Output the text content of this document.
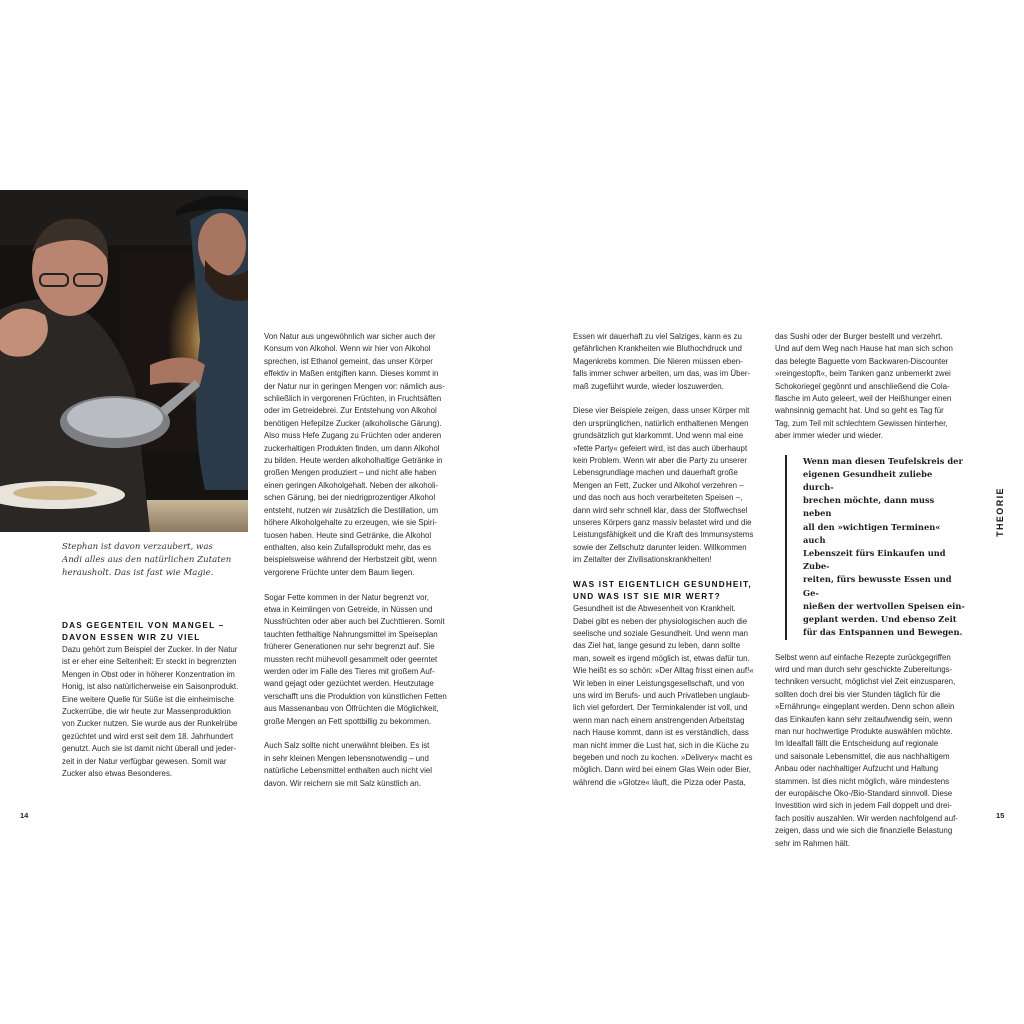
Stephan ist davon verzaubert, was
Andi alles aus den natürlichen Zutaten
herausholt. Das ist fast wie Magie.
DAS GEGENTEIL VON MANGEL –
DAVON ESSEN WIR ZU VIEL

Dazu gehört zum Beispiel der Zucker. In der Natur
ist er eher eine Seltenheit: Er steckt in begrenzten
Mengen in Obst oder in höherer Konzentration im
Honig, ist also natürlicherweise ein Saisonprodukt.
Eine weitere Quelle für Süße ist die einheimische
Zuckerrübe, die wir heute zur Massenproduktion
von Zucker nutzen. Sie wurde aus der Runkelrübe
gezüchtet und wird erst seit dem 18. Jahrhundert
genutzt. Auch sie ist damit nicht überall und jeder-
zeit in der Natur verfügbar gewesen. Somit war
Zucker also etwas Besonderes.

Von Natur aus ungewöhnlich war sicher auch der
Konsum von Alkohol. Wenn wir hier von Alkohol
sprechen, ist Ethanol gemeint, das unser Körper
effektiv in Maßen entgiften kann. Dieses kommt in
der Natur nur in geringen Mengen vor: nämlich aus-
schließlich in vergorenen Früchten, in Fruchtsäften
oder im Getreidebrei. Zur Entstehung von Alkohol
benötigen Hefepilze Zucker (alkoholische Gärung).
Also muss Hefe Zugang zu Früchten oder anderen
zuckerhaltigen Produkten finden, um dann Alkohol
zu bilden. Heute werden alkoholhaltige Getränke in
großen Mengen produziert – und nicht alle haben
einen geringen Alkoholgehalt. Neben der alkoholi-
schen Gärung, bei der niedrigprozentiger Alkohol
entsteht, nutzen wir zusätzlich die Destillation, um
höhere Alkoholgehalte zu erzeugen, wie sie Spiri-
tuosen haben. Heute sind Getränke, die Alkohol
enthalten, also kein Zufallsprodukt mehr, das es
beispielsweise während der Herbstzeit gibt, wenn
vergorene Früchte unter dem Baum liegen.

Sogar Fette kommen in der Natur begrenzt vor,
etwa in Keimlingen von Getreide, in Nüssen und
Nussfrüchten oder aber auch bei Zuchttieren. Somit
tauchten fetthaltige Nahrungsmittel im Speiseplan
früherer Generationen nur sehr begrenzt auf. Sie
mussten recht mühevoll gesammelt oder geerntet
werden oder im Falle des Tieres mit großem Auf-
wand gejagt oder gezüchtet werden. Heutzutage
verschafft uns die Produktion von künstlichen Fetten
aus Massenanbau von Ölfrüchten die Möglichkeit,
große Mengen an Fett spottbillig zu bekommen.

Auch Salz sollte nicht unerwähnt bleiben. Es ist
in sehr kleinen Mengen lebensnotwendig – und
natürliche Lebensmittel enthalten auch nicht viel
davon. Wir reichern sie mit Salz künstlich an.

Essen wir dauerhaft zu viel Salziges, kann es zu
gefährlichen Krankheiten wie Bluthochdruck und
Magenkrebs kommen. Die Nieren müssen eben-
falls immer schwer arbeiten, um das, was im Über-
maß zugeführt wurde, wieder loszuwerden.

Diese vier Beispiele zeigen, dass unser Körper mit
den ursprünglichen, natürlich enthaltenen Mengen
grundsätzlich gut klarkommt. Und wenn mal eine
»fette Party« gefeiert wird, ist das auch überhaupt
kein Problem. Wenn wir aber die Party zu unserer
Lebensgrundlage machen und dauerhaft große
Mengen an Fett, Zucker und Alkohol verzehren –
und das noch aus hoch verarbeiteten Speisen –,
dann wird sehr schnell klar, dass der Stoffwechsel
unseres Körpers ganz massiv belastet wird und die
Leistungsfähigkeit und die Kraft des Immunsystems
sowie der Zellschutz darunter leiden. Willkommen
im Zeitalter der Zivilisationskrankheiten!

WAS IST EIGENTLICH GESUNDHEIT,
UND WAS IST SIE MIR WERT?

Gesundheit ist die Abwesenheit von Krankheit.
Dabei gibt es neben der physiologischen auch die
seelische und soziale Gesundheit. Und wenn man
das Ziel hat, lange gesund zu leben, dann sollte
man, soweit es irgend möglich ist, etwas dafür tun.
Wie heißt es so schön: »Der Alltag frisst einen auf!«
Wir leben in einer Leistungsgesellschaft, und von
uns wird im Berufs- und auch Privatleben unglaub-
lich viel gefordert. Der Terminkalender ist voll, und
wenn man nach einem anstrengenden Arbeitstag
nach Hause kommt, dann ist es verständlich, dass
man nicht immer die Lust hat, sich in die Küche zu
begeben und noch zu kochen. »Delivery« macht es
möglich. Dann wird bei einem Glas Wein oder Bier,
während die »Glotze« läuft, die Pizza oder Pasta,

das Sushi oder der Burger bestellt und verzehrt.
Und auf dem Weg nach Hause hat man sich schon
das belegte Baguette vom Backwaren-Discounter
»reingestopft«, beim Tanken ganz unbemerkt zwei
Schokoriegel gegönnt und anschließend die Cola-
flasche im Auto geleert, weil der Heißhunger einen
wahnsinnig gemacht hat. Und so geht es Tag für
Tag, zum Teil mit schlechtem Gewissen hinterher,
aber immer wieder und wieder.

Wenn man diesen Teufelskreis der
eigenen Gesundheit zuliebe durch-
brechen möchte, dann muss neben
all den »wichtigen Terminen« auch
Lebenszeit fürs Einkaufen und Zube-
reiten, fürs bewusste Essen und Ge-
nießen der wertvollen Speisen ein-
geplant werden. Und ebenso Zeit
für das Entspannen und Bewegen.

Selbst wenn auf einfache Rezepte zurückgegriffen
wird und man durch sehr geschickte Zubereitungs-
techniken versucht, möglichst viel Zeit einzusparen,
sollten doch drei bis vier Stunden täglich für die
»Ernährung« eingeplant werden. Denn schon allein
das Einkaufen kann sehr zeitaufwendig sein, wenn
man nur hochwertige Produkte auswählen möchte.
Im Idealfall fällt die Entscheidung auf regionale
und saisonale Lebensmittel, die aus nachhaltigem
Anbau oder nachhaltiger Aufzucht und Haltung
stammen. Ist dies nicht möglich, wäre mindestens
der europäische Öko-/Bio-Standard sinnvoll. Diese
Investition wird sich in jedem Fall doppelt und drei-
fach positiv auszahlen. Wir werden nachfolgend auf-
zeigen, dass und wie sich die finanzielle Belastung
sehr im Rahmen hält.

14	15
THEORIE
